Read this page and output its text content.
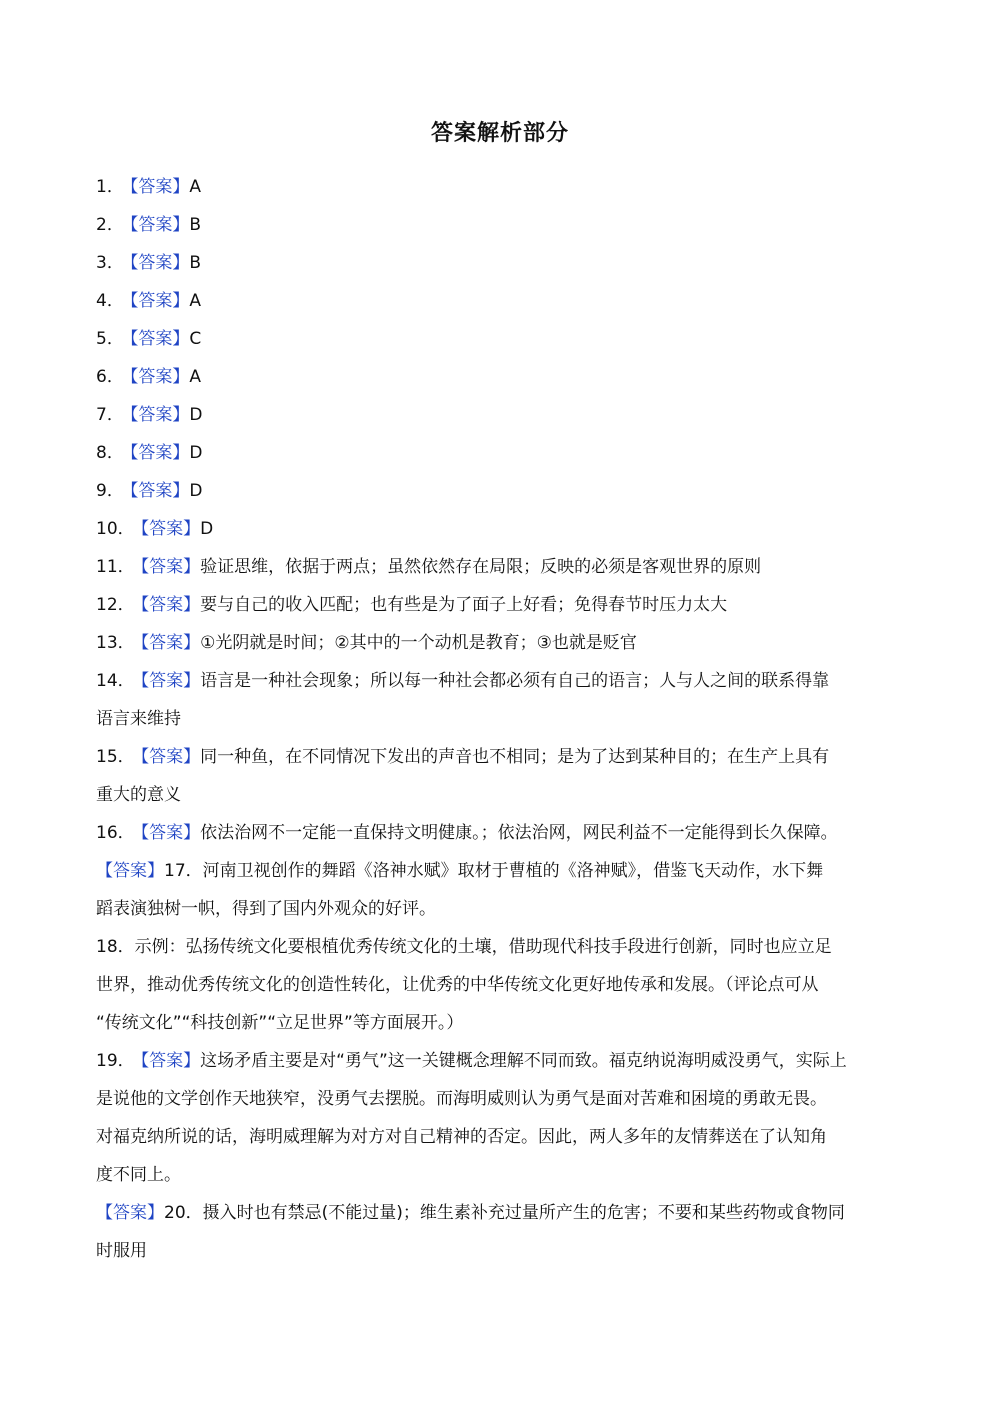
答案解析部分
1． 【答案】A
2． 【答案】B
3． 【答案】B
4． 【答案】A
5． 【答案】C
6． 【答案】A
7． 【答案】D
8． 【答案】D
9． 【答案】D
10． 【答案】D
11． 【答案】验证思维，依据于两点；虽然依然存在局限；反映的必须是客观世界的原则
12． 【答案】要与自己的收入匹配；也有些是为了面子上好看；免得春节时压力太大
13． 【答案】①光阴就是时间；②其中的一个动机是教育；③也就是贬官
14． 【答案】语言是一种社会现象；所以每一种社会都必须有自己的语言；人与人之间的联系得靠
语言来维持
15． 【答案】同一种鱼，在不同情况下发出的声音也不相同；是为了达到某种目的；在生产上具有
重大的意义
16． 【答案】依法治网不一定能一直保持文明健康。；依法治网，网民利益不一定能得到长久保障。
【答案】17．河南卫视创作的舞蹈《洛神水赋》取材于曹植的《洛神赋》，借鉴飞天动作，水下舞
蹈表演独树一帜，得到了国内外观众的好评。
18．示例：弘扬传统文化要根植优秀传统文化的土壤，借助现代科技手段进行创新，同时也应立足
世界，推动优秀传统文化的创造性转化，让优秀的中华传统文化更好地传承和发展。（评论点可从
“传统文化”“科技创新”“立足世界”等方面展开。）
19． 【答案】这场矛盾主要是对“勇气”这一关键概念理解不同而致。福克纳说海明威没勇气，实际上
是说他的文学创作天地狭窄，没勇气去摆脱。而海明威则认为勇气是面对苦难和困境的勇敢无畏。
对福克纳所说的话，海明威理解为对方对自己精神的否定。因此，两人多年的友情葬送在了认知角
度不同上。
【答案】20．摄入时也有禁忌(不能过量)；维生素补充过量所产生的危害；不要和某些药物或食物同
时服用
